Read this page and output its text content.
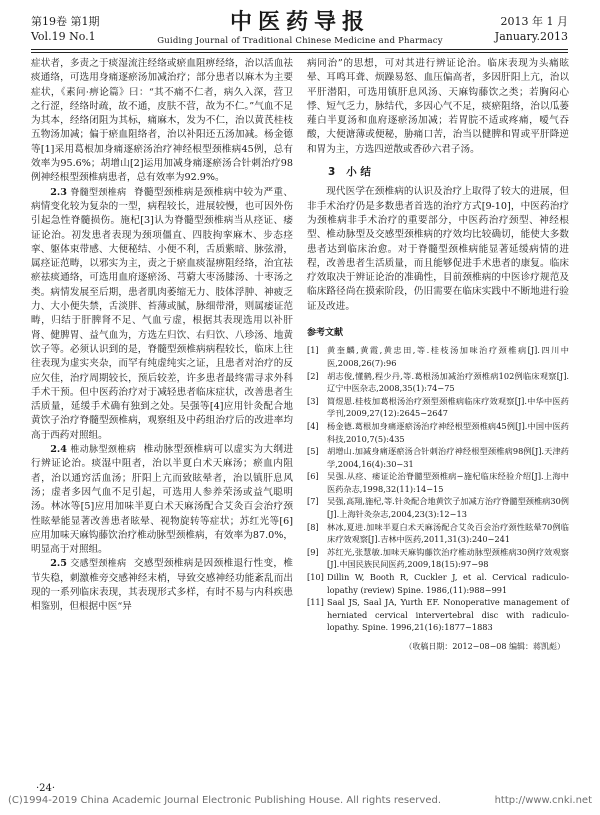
第19卷 第1期
Vol.19 No.1
中医药导报
Guiding Journal of Traditional Chinese Medicine and Pharmacy
2013 年 1 月
January.2013

症状者，多责之于痰湿流注经络或瘀血阻痹经络，治以活血祛痰通络，可选用身痛逐瘀汤加减治疗；部分患者以麻木为主要症状，《素问·痹论篇》曰：“其不痛不仁者，病久入深，营卫之行涩，经络时疏，故不通，皮肤不营，故为不仁。”气血不足为其本，经络闭阻为其标，痛麻木，发为不仁，治以黄芪桂枝五物汤加减；偏于瘀血阻络者，治以补阳还五汤加减。杨金德等[1]采用葛根加身痛逐瘀汤治疗神经根型颈椎病45例，总有效率为95.6%；胡增山[2]运用加减身痛逐瘀汤合针刺治疗98例神经根型颈椎病患者，总有效率为92.9%。

2.3 脊髓型颈椎病 脊髓型颈椎病是颈椎病中较为严重、病情变化较为复杂的一型，病程较长，进展较慢，也可因外伤引起急性脊髓损伤。施杞[3]认为脊髓型颈椎病当从痉证、痿证论治。初发患者表现为颈项僵直、四肢拘挛麻木、步态痉挛、躯体束带感、大便秘结、小便不利，舌质紫暗、脉弦滑，属痉证范畴，以邪实为主，责之于瘀血痰湿痹阻经络，治宜祛瘀祛痰通络，可选用血府逐瘀汤、芎藭大枣汤膝汤、十枣汤之类。病情发展至后期，患者肌肉萎缩无力、肢体浮肿、神疲乏力、大小便失禁，舌淡胖、苔薄或腻，脉细带滑，则属痿证范畴，归结于肝脾肾不足、气血亏虚，根据其表现选用以补肝肾、健脾胃、益气血为，方选左归饮、右归饮、八珍汤、地黄饮子等。必须认识到的是，脊髓型颈椎病病程较长，临床上往往表现为虚实夹杂，而罕有纯虚纯实之证，且患者对治疗的反应欠佳，治疗周期较长，预后较差，许多患者最终需寻求外科手术干预。但中医药治疗对于减轻患者临床症状，改善患者生活质量，延缓手术确有独到之处。吴强等[4]应用针灸配合地黄饮子治疗脊髓型颈椎病，观察组及中药组治疗后的改进率均高于西药对照组。

2.4 椎动脉型颈椎病 椎动脉型颈椎病可以虚实为大纲进行辨证论治。痰湿中阻者，治以半夏白术天麻汤；瘀血内阻者，治以通窍活血汤；肝阳上亢而致眩晕者，治以镇肝息风汤；虚者多因气血不足引起，可选用人参养荣汤或益气聪明汤。林冰等[5]应用加味半夏白术天麻汤配合艾灸百会治疗颈性眩晕能显著改善患者眩晕、视物旋转等症状；苏红光等[6]应用加味天麻钩藤饮治疗椎动脉型颈椎病，有效率为87.0%，明显高于对照组。

2.5 交感型颈椎病 交感型颈椎病是因颈椎退行性变，椎节失稳，刺激椎旁交感神经末梢，导致交感神经功能紊乱而出现的一系列临床表现，其表现形式多样，有时不易与内科疾患相鉴别，但根据中医“异

病同治”的思想，可对其进行辨证论治。临床表现为头痛眩晕、耳鸣耳聋、烦躁易怒、血压偏高者，多因肝阳上亢，治以平肝潜阳，可选用镇肝息风汤、天麻钩藤饮之类；若胸闷心悸、短气乏力，脉结代，多因心气不足，痰瘀阻络，治以瓜蒌薤白半夏汤和血府逐瘀汤加减；若胃脘不适或疼痛，嗳气吞酸，大便溏薄或便秘，胁痛口苦，治当以健脾和胃或平肝降逆和胃为主，方选四逆散或香砂六君子汤。

3 小 结

现代医学在颈椎病的认识及治疗上取得了较大的进展，但非手术治疗仍是多数患者首选的治疗方式[9-10]，中医药治疗为颈椎病非手术治疗的重要部分，中医药治疗颈型、神经根型、椎动脉型及交感型颈椎病的疗效均比较确切，能使大多数患者达到临床治愈。对于脊髓型颈椎病能显著延缓病情的进程，改善患者生活质量，而且能够促进手术患者的康复。临床疗效取决于辨证论治的准确性，目前颈椎病的中医诊疗规范及临床路径尚在摸索阶段，仍旧需要在临床实践中不断地进行验证及改进。

参考文献
[1]	黄奎麟,黄霞,黄忠田,等.桂枝汤加味治疗颈椎病[J].四川中医,2008,26(7):96
[2]	胡志俊,懂鹤,程少丹,等.葛根汤加减治疗颈椎病102例临床观察[J].辽宁中医杂志,2008,35(1):74−75
[3]	简煜恩.桂枝加葛根汤治疗颈型颈椎病临床疗效观察[J].中华中医药学刊,2009,27(12):2645−2647
[4]	杨金德.葛根加身痛逐瘀汤治疗神经根型颈椎病45例[J].中国中医药科技,2010,7(5):435
[5]	胡增山.加减身痛逐瘀汤合针刺治疗神经根型颈椎病98例[J].天津药学,2004,16(4):30−31
[6]	吴强.从痉、痿证论治脊髓型颈椎病−施杞临床经验介绍[J].上海中医药杂志,1998,32(11):14−15
[7]	吴强,高翔,施杞,等.针灸配合地黄饮子加减方治疗脊髓型颈椎病30例[J].上海针灸杂志,2004,23(3):12−13
[8]	林冰,夏进.加味半夏白术天麻汤配合艾灸百会治疗颈性眩晕70例临床疗效观察[J].吉林中医药,2011,31(3):240−241
[9]	苏红光,张慧敏.加味天麻钩藤饮治疗椎动脉型颈椎病30例疗效观察[J].中国民族民间医药,2009,18(15):97−98
[10] Dillin W, Booth R, Cuckler J, et al. Cervical radiculo-lopathy (review) Spine. 1986,(11):988−991
[11] Saal JS, Saal JA, Yurth EF. Nonoperative management of herniated cervical intervertebral disc with radiculo-lopathy. Spine. 1996,21(16):1877−1883
（收稿日期：2012−08−08 编辑：蒋凯彪）
·24·
(C)1994-2019 China Academic Journal Electronic Publishing House. All rights reserved.	http://www.cnki.net
